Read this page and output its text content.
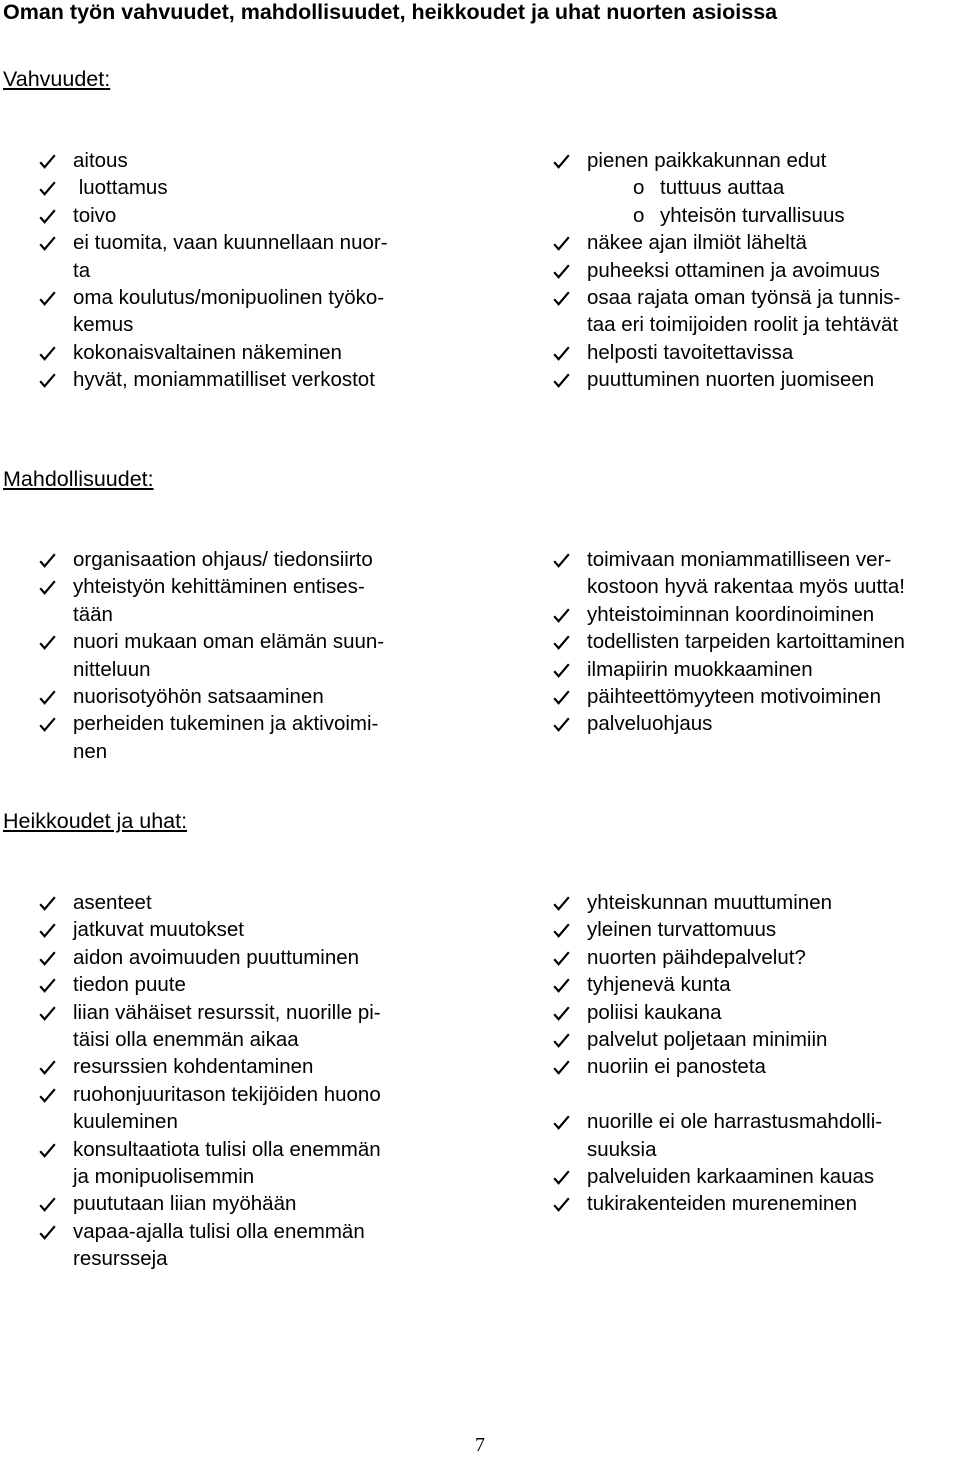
Oman työn vahvuudet, mahdollisuudet, heikkoudet ja uhat nuorten asioissa
Vahvuudet:
aitous
luottamus
toivo
ei tuomita, vaan kuunnellaan nuor-
ta
oma koulutus/monipuolinen työko-
kemus
kokonaisvaltainen näkeminen
hyvät, moniammatilliset verkostot
pienen paikkakunnan edut
o tuttuus auttaa
o yhteisön turvallisuus
näkee ajan ilmiöt läheltä
puheeksi ottaminen ja avoimuus
osaa rajata oman työnsä ja tunnis-
taa eri toimijoiden roolit ja tehtävät
helposti tavoitettavissa
puuttuminen nuorten juomiseen
Mahdollisuudet:
organisaation ohjaus/ tiedonsiirto
yhteistyön kehittäminen entises-
tään
nuori mukaan oman elämän suun-
nitteluun
nuorisotyöhön satsaaminen
perheiden tukeminen ja aktivoimi-
nen
toimivaan moniammatilliseen ver-
kostoon hyvä rakentaa myös uutta!
yhteistoiminnan koordinoiminen
todellisten tarpeiden kartoittaminen
ilmapiirin muokkaaminen
päihteettömyyteen motivoiminen
palveluohjaus
Heikkoudet ja uhat:
asenteet
jatkuvat muutokset
aidon avoimuuden puuttuminen
tiedon puute
liian vähäiset resurssit, nuorille pi-
täisi olla enemmän aikaa
resurssien kohdentaminen
ruohonjuuritason tekijöiden huono
kuuleminen
konsultaatiota tulisi olla enemmän
ja monipuolisemmin
puututaan liian myöhään
vapaa-ajalla tulisi olla enemmän
resursseja
yhteiskunnan muuttuminen
yleinen turvattomuus
nuorten päihdepalvelut?
tyhjenevä kunta
poliisi kaukana
palvelut poljetaan minimiin
nuoriin ei panosteta
nuorille ei ole harrastusmahdolli-
suuksia
palveluiden karkaaminen kauas
tukirakenteiden mureneminen
7
